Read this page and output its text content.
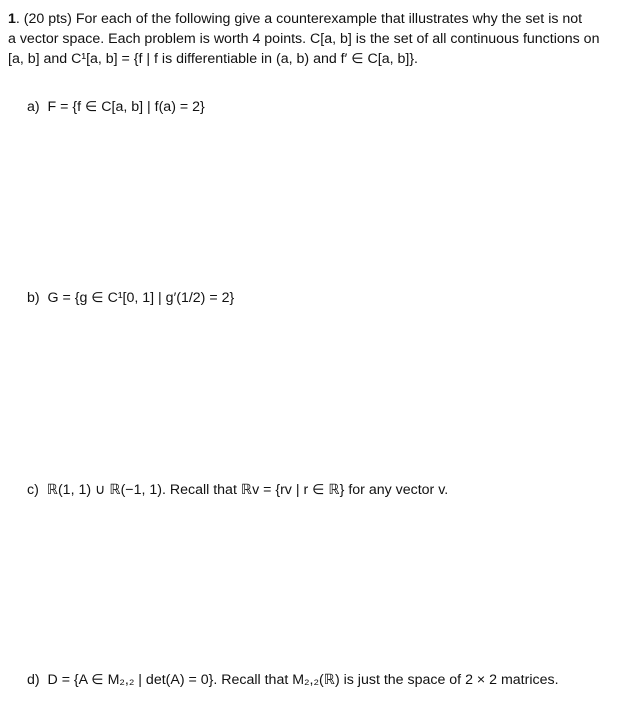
1. (20 pts) For each of the following give a counterexample that illustrates why the set is not
a vector space. Each problem is worth 4 points. C[a, b] is the set of all continuous functions on
[a, b] and C¹[a, b] = {f | f is differentiable in (a, b) and f′ ∈ C[a, b]}.
a) F = {f ∈ C[a, b] | f(a) = 2}
b) G = {g ∈ C¹[0, 1] | g′(1/2) = 2}
c) ℝ(1, 1) ∪ ℝ(−1, 1). Recall that ℝv = {rv | r ∈ ℝ} for any vector v.
d) D = {A ∈ M₂,₂ | det(A) = 0}. Recall that M₂,₂(ℝ) is just the space of 2 × 2 matrices.
